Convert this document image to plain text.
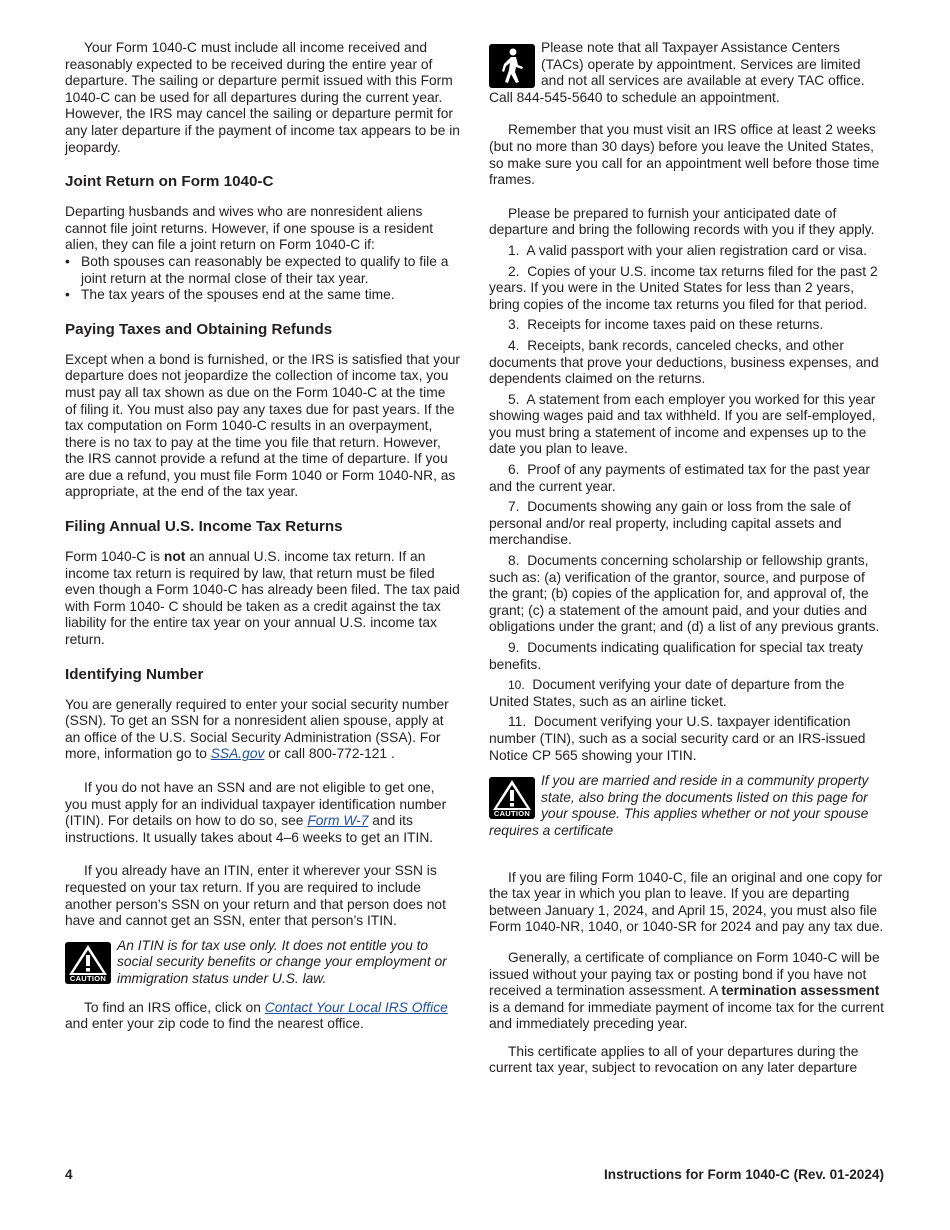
Your Form 1040-C must include all income received and reasonably expected to be received during the entire year of departure. The sailing or departure permit issued with this Form 1040-C can be used for all departures during the current year. However, the IRS may cancel the sailing or departure permit for any later departure if the payment of income tax appears to be in jeopardy.

Joint Return on Form 1040-C

Departing husbands and wives who are nonresident aliens cannot file joint returns. However, if one spouse is a resident alien, they can file a joint return on Form 1040-C if:

• Both spouses can reasonably be expected to qualify to file a joint return at the normal close of their tax year.

• The tax years of the spouses end at the same time.

Paying Taxes and Obtaining Refunds

Except when a bond is furnished, or the IRS is satisfied that your departure does not jeopardize the collection of income tax, you must pay all tax shown as due on the Form 1040-C at the time of filing it. You must also pay any taxes due for past years. If the tax computation on Form 1040-C results in an overpayment, there is no tax to pay at the time you file that return. However, the IRS cannot provide a refund at the time of departure. If you are due a refund, you must file Form 1040 or Form 1040-NR, as appropriate, at the end of the tax year.

Filing Annual U.S. Income Tax Returns

Form 1040-C is not an annual U.S. income tax return. If an income tax return is required by law, that return must be filed even though a Form 1040-C has already been filed. The tax paid with Form 1040- C should be taken as a credit against the tax liability for the entire tax year on your annual U.S. income tax return.

Identifying Number

You are generally required to enter your social security number (SSN). To get an SSN for a nonresident alien spouse, apply at an office of the U.S. Social Security Administration (SSA). For more, information go to SSA.gov or call 800-772-121 .

If you do not have an SSN and are not eligible to get one, you must apply for an individual taxpayer identification number (ITIN). For details on how to do so, see Form W-7 and its instructions. It usually takes about 4–6 weeks to get an ITIN.

If you already have an ITIN, enter it wherever your SSN is requested on your tax return. If you are required to include another person’s SSN on your return and that person does not have and cannot get an SSN, enter that person’s ITIN.

CAUTION

An ITIN is for tax use only. It does not entitle you to social security benefits or change your employment or immigration status under U.S. law.

To find an IRS office, click on Contact Your Local IRS Office and enter your zip code to find the nearest office.

Please note that all Taxpayer Assistance Centers (TACs) operate by appointment. Services are limited and not all services are available at every TAC office. Call 844-545-5640 to schedule an appointment.

Remember that you must visit an IRS office at least 2 weeks (but no more than 30 days) before you leave the United States, so make sure you call for an appointment well before those time frames.

Please be prepared to furnish your anticipated date of departure and bring the following records with you if they apply.

1. A valid passport with your alien registration card or visa.

2. Copies of your U.S. income tax returns filed for the past 2 years. If you were in the United States for less than 2 years, bring copies of the income tax returns you filed for that period.

3. Receipts for income taxes paid on these returns.

4. Receipts, bank records, canceled checks, and other documents that prove your deductions, business expenses, and dependents claimed on the returns.

5. A statement from each employer you worked for this year showing wages paid and tax withheld. If you are self-employed, you must bring a statement of income and expenses up to the date you plan to leave.

6. Proof of any payments of estimated tax for the past year and the current year.

7. Documents showing any gain or loss from the sale of personal and/or real property, including capital assets and merchandise.

8. Documents concerning scholarship or fellowship grants, such as: (a) verification of the grantor, source, and purpose of the grant; (b) copies of the application for, and approval of, the grant; (c) a statement of the amount paid, and your duties and obligations under the grant; and (d) a list of any previous grants.

9. Documents indicating qualification for special tax treaty benefits.

10. Document verifying your date of departure from the United States, such as an airline ticket.

11. Document verifying your U.S. taxpayer identification number (TIN), such as a social security card or an IRS-issued Notice CP 565 showing your ITIN.

CAUTION

If you are married and reside in a community property state, also bring the documents listed on this page for your spouse. This applies whether or not your spouse requires a certificate

If you are filing Form 1040-C, file an original and one copy for the tax year in which you plan to leave. If you are departing between January 1, 2024, and April 15, 2024, you must also file Form 1040-NR, 1040, or 1040-SR for 2024 and pay any tax due.

Generally, a certificate of compliance on Form 1040-C will be issued without your paying tax or posting bond if you have not received a termination assessment. A termination assessment is a demand for immediate payment of income tax for the current and immediately preceding year.

This certificate applies to all of your departures during the current tax year, subject to revocation on any later departure

4	Instructions for Form 1040-C (Rev. 01-2024)
